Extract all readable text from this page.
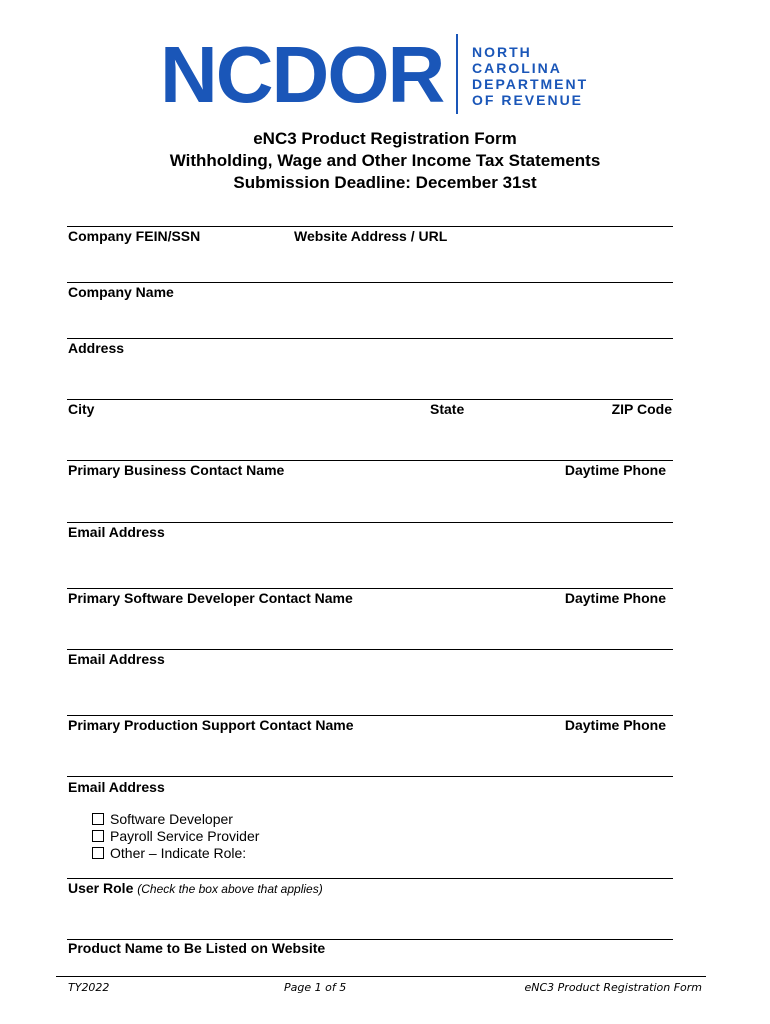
NCDOR NORTH
CAROLINA
DEPARTMENT
OF REVENUE
eNC3 Product Registration Form
Withholding, Wage and Other Income Tax Statements
Submission Deadline: December 31st
Company FEIN/SSN	Website Address / URL
Company Name
Address
City	State	ZIP Code
Primary Business Contact Name	Daytime Phone
Email Address
Primary Software Developer Contact Name	Daytime Phone
Email Address
Primary Production Support Contact Name	Daytime Phone
Email Address
Software Developer
Payroll Service Provider
Other – Indicate Role:
User Role (Check the box above that applies)
Product Name to Be Listed on Website
TY2022	Page 1 of 5	eNC3 Product Registration Form
